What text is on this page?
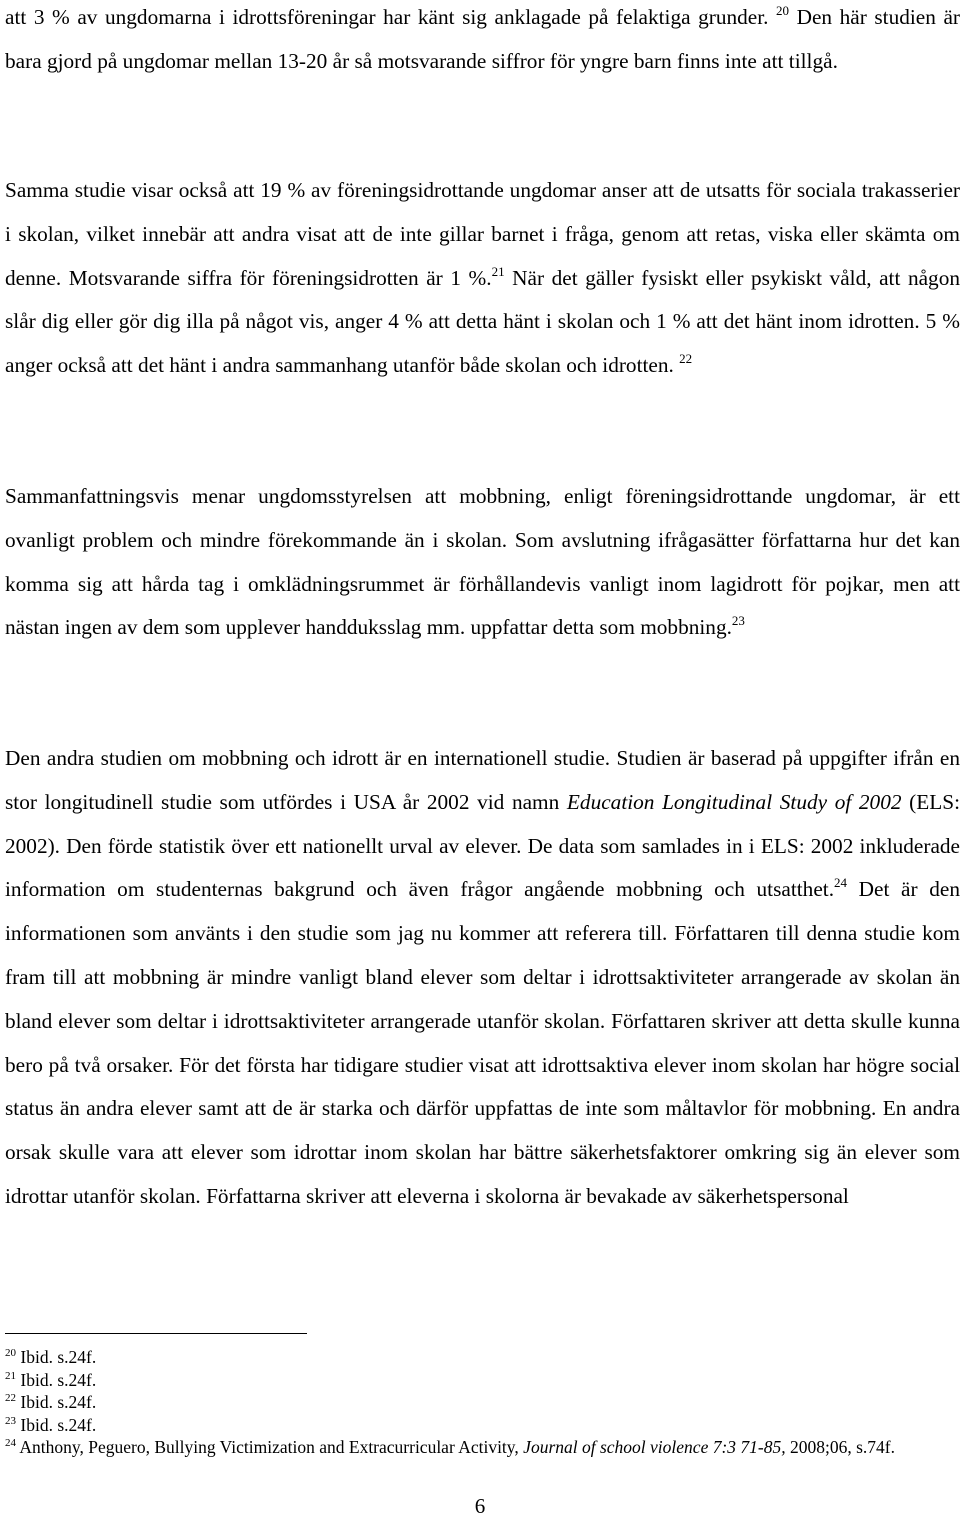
att 3 % av ungdomarna i idrottsföreningar har känt sig anklagade på felaktiga grunder. $^{20}$ Den här studien är bara gjord på ungdomar mellan 13-20 år så motsvarande siffror för yngre barn finns inte att tillgå.

Samma studie visar också att 19 % av föreningsidrottande ungdomar anser att de utsatts för sociala trakasserier i skolan, vilket innebär att andra visat att de inte gillar barnet i fråga, genom att retas, viska eller skämta om denne. Motsvarande siffra för föreningsidrotten är 1 %.$^{21}$ När det gäller fysiskt eller psykiskt våld, att någon slår dig eller gör dig illa på något vis, anger 4 % att detta hänt i skolan och 1 % att det hänt inom idrotten. 5 % anger också att det hänt i andra sammanhang utanför både skolan och idrotten. $^{22}$

Sammanfattningsvis menar ungdomsstyrelsen att mobbning, enligt föreningsidrottande ungdomar, är ett ovanligt problem och mindre förekommande än i skolan. Som avslutning ifrågasätter författarna hur det kan komma sig att hårda tag i omklädningsrummet är förhållandevis vanligt inom lagidrott för pojkar, men att nästan ingen av dem som upplever handduksslag mm. uppfattar detta som mobbning.$^{23}$

Den andra studien om mobbning och idrott är en internationell studie. Studien är baserad på uppgifter ifrån en stor longitudinell studie som utfördes i USA år 2002 vid namn Education Longitudinal Study of 2002 (ELS: 2002). Den förde statistik över ett nationellt urval av elever. De data som samlades in i ELS: 2002 inkluderade information om studenternas bakgrund och även frågor angående mobbning och utsatthet.$^{24}$ Det är den informationen som använts i den studie som jag nu kommer att referera till. Författaren till denna studie kom fram till att mobbning är mindre vanligt bland elever som deltar i idrottsaktiviteter arrangerade av skolan än bland elever som deltar i idrottsaktiviteter arrangerade utanför skolan. Författaren skriver att detta skulle kunna bero på två orsaker. För det första har tidigare studier visat att idrottsaktiva elever inom skolan har högre social status än andra elever samt att de är starka och därför uppfattas de inte som måltavlor för mobbning. En andra orsak skulle vara att elever som idrottar inom skolan har bättre säkerhetsfaktorer omkring sig än elever som idrottar utanför skolan. Författarna skriver att eleverna i skolorna är bevakade av säkerhetspersonal

$^{20}$ Ibid. s.24f.

$^{21}$ Ibid. s.24f.

$^{22}$ Ibid. s.24f.

$^{23}$ Ibid. s.24f.

$^{24}$ Anthony, Peguero, Bullying Victimization and Extracurricular Activity, Journal of school violence 7:3 71-85, 2008;06, s.74f.

6
